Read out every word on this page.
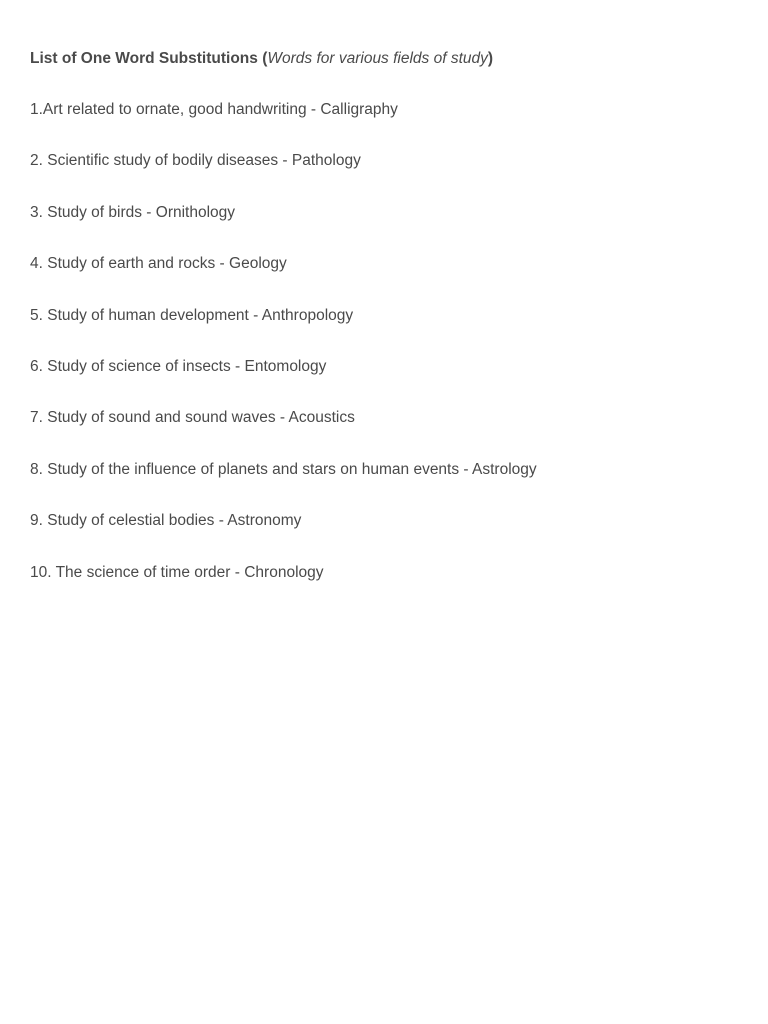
List of One Word Substitutions (Words for various fields of study)

1.Art related to ornate, good handwriting - Calligraphy
2. Scientific study of bodily diseases - Pathology
3. Study of birds - Ornithology
4. Study of earth and rocks - Geology
5. Study of human development - Anthropology
6. Study of science of insects - Entomology
7. Study of sound and sound waves - Acoustics
8. Study of the influence of planets and stars on human events - Astrology
9. Study of celestial bodies - Astronomy
10. The science of time order - Chronology
